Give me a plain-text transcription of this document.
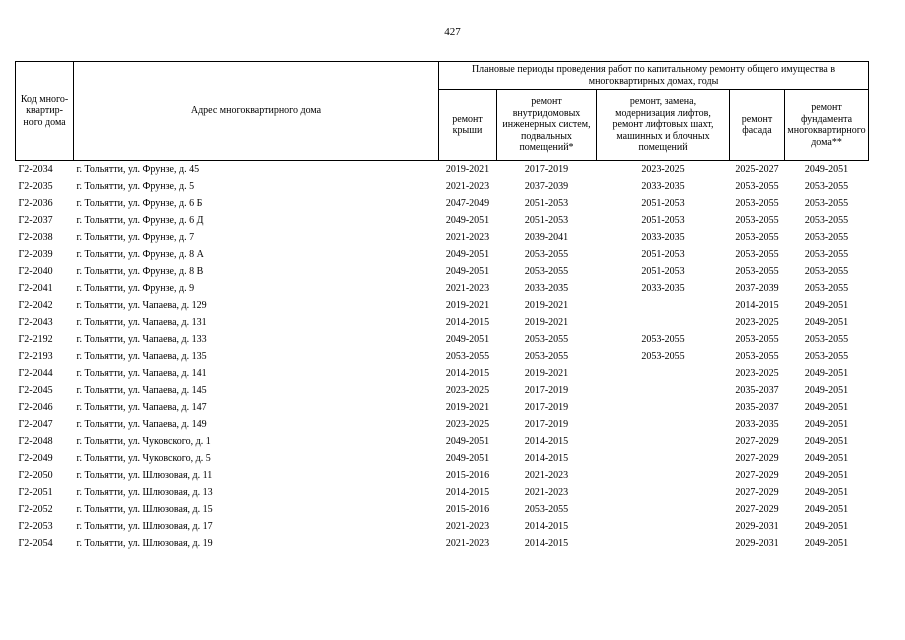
427
Код много-
квартир-
ного дома	Адрес многоквартирного дома	Плановые периоды проведения работ по капитальному ремонту общего имущества в многоквартирных домах, годы				
		ремонт крыши	ремонт внутридомовых инженерных систем, подвальных помещений*	ремонт, замена, модернизация лифтов, ремонт лифтовых шахт, машинных и блочных помещений	ремонт фасада	ремонт фундамента многоквартирного дома**
Г2-2034	г. Тольятти, ул. Фрунзе, д. 45	2019-2021	2017-2019	2023-2025	2025-2027	2049-2051
Г2-2035	г. Тольятти, ул. Фрунзе, д. 5	2021-2023	2037-2039	2033-2035	2053-2055	2053-2055
Г2-2036	г. Тольятти, ул. Фрунзе, д. 6 Б	2047-2049	2051-2053	2051-2053	2053-2055	2053-2055
Г2-2037	г. Тольятти, ул. Фрунзе, д. 6 Д	2049-2051	2051-2053	2051-2053	2053-2055	2053-2055
Г2-2038	г. Тольятти, ул. Фрунзе, д. 7	2021-2023	2039-2041	2033-2035	2053-2055	2053-2055
Г2-2039	г. Тольятти, ул. Фрунзе, д. 8 А	2049-2051	2053-2055	2051-2053	2053-2055	2053-2055
Г2-2040	г. Тольятти, ул. Фрунзе, д. 8 В	2049-2051	2053-2055	2051-2053	2053-2055	2053-2055
Г2-2041	г. Тольятти, ул. Фрунзе, д. 9	2021-2023	2033-2035	2033-2035	2037-2039	2053-2055
Г2-2042	г. Тольятти, ул. Чапаева, д. 129	2019-2021	2019-2021		2014-2015	2049-2051
Г2-2043	г. Тольятти, ул. Чапаева, д. 131	2014-2015	2019-2021		2023-2025	2049-2051
Г2-2192	г. Тольятти, ул. Чапаева, д. 133	2049-2051	2053-2055	2053-2055	2053-2055	2053-2055
Г2-2193	г. Тольятти, ул. Чапаева, д. 135	2053-2055	2053-2055	2053-2055	2053-2055	2053-2055
Г2-2044	г. Тольятти, ул. Чапаева, д. 141	2014-2015	2019-2021		2023-2025	2049-2051
Г2-2045	г. Тольятти, ул. Чапаева, д. 145	2023-2025	2017-2019		2035-2037	2049-2051
Г2-2046	г. Тольятти, ул. Чапаева, д. 147	2019-2021	2017-2019		2035-2037	2049-2051
Г2-2047	г. Тольятти, ул. Чапаева, д. 149	2023-2025	2017-2019		2033-2035	2049-2051
Г2-2048	г. Тольятти, ул. Чуковского, д. 1	2049-2051	2014-2015		2027-2029	2049-2051
Г2-2049	г. Тольятти, ул. Чуковского, д. 5	2049-2051	2014-2015		2027-2029	2049-2051
Г2-2050	г. Тольятти, ул. Шлюзовая, д. 11	2015-2016	2021-2023		2027-2029	2049-2051
Г2-2051	г. Тольятти, ул. Шлюзовая, д. 13	2014-2015	2021-2023		2027-2029	2049-2051
Г2-2052	г. Тольятти, ул. Шлюзовая, д. 15	2015-2016	2053-2055		2027-2029	2049-2051
Г2-2053	г. Тольятти, ул. Шлюзовая, д. 17	2021-2023	2014-2015		2029-2031	2049-2051
Г2-2054	г. Тольятти, ул. Шлюзовая, д. 19	2021-2023	2014-2015		2029-2031	2049-2051
